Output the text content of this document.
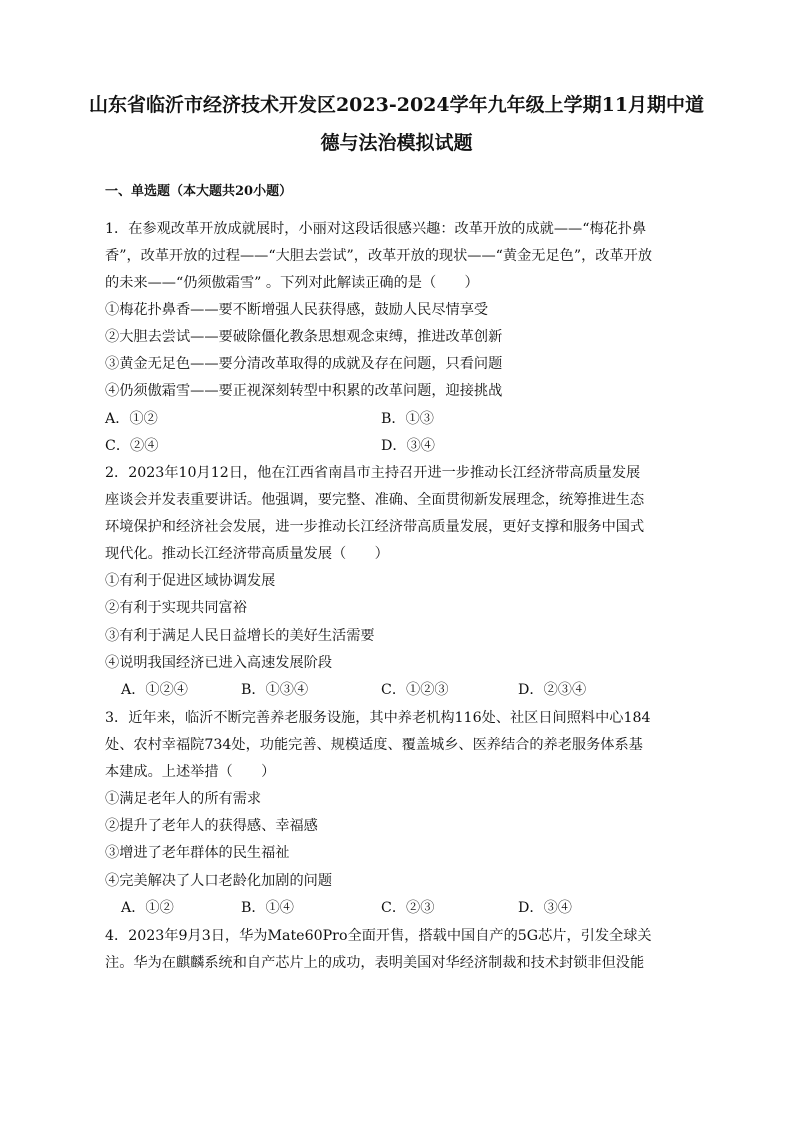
山东省临沂市经济技术开发区2023-2024学年九年级上学期11月期中道
德与法治模拟试题

一、单选题（本大题共20小题）

1．在参观改革开放成就展时，小丽对这段话很感兴趣：改革开放的成就——“梅花扑鼻

香”，改革开放的过程——“大胆去尝试”，改革开放的现状——“黄金无足色”，改革开放

的未来——“仍须傲霜雪” 。下列对此解读正确的是（　　）

①梅花扑鼻香——要不断增强人民获得感，鼓励人民尽情享受

②大胆去尝试——要破除僵化教条思想观念束缚，推进改革创新

③黄金无足色——要分清改革取得的成就及存在问题，只看问题

④仍须傲霜雪——要正视深刻转型中积累的改革问题，迎接挑战

A．①②	B．①③

C．②④	D．③④

2．2023年10月12日，他在江西省南昌市主持召开进一步推动长江经济带高质量发展

座谈会并发表重要讲话。他强调，要完整、准确、全面贯彻新发展理念，统筹推进生态

环境保护和经济社会发展，进一步推动长江经济带高质量发展，更好支撑和服务中国式

现代化。推动长江经济带高质量发展（　　）

①有利于促进区域协调发展

②有利于实现共同富裕

③有利于满足人民日益增长的美好生活需要

④说明我国经济已进入高速发展阶段

A．①②④	B．①③④	C．①②③	D．②③④

3．近年来，临沂不断完善养老服务设施，其中养老机构116处、社区日间照料中心184

处、农村幸福院734处，功能完善、规模适度、覆盖城乡、医养结合的养老服务体系基

本建成。上述举措（　　）

①满足老年人的所有需求

②提升了老年人的获得感、幸福感

③增进了老年群体的民生福祉

④完美解决了人口老龄化加剧的问题

A．①②	B．①④	C．②③	D．③④

4．2023年9月3日，华为Mate60Pro全面开售，搭载中国自产的5G芯片，引发全球关

注。华为在麒麟系统和自产芯片上的成功，表明美国对华经济制裁和技术封锁非但没能
